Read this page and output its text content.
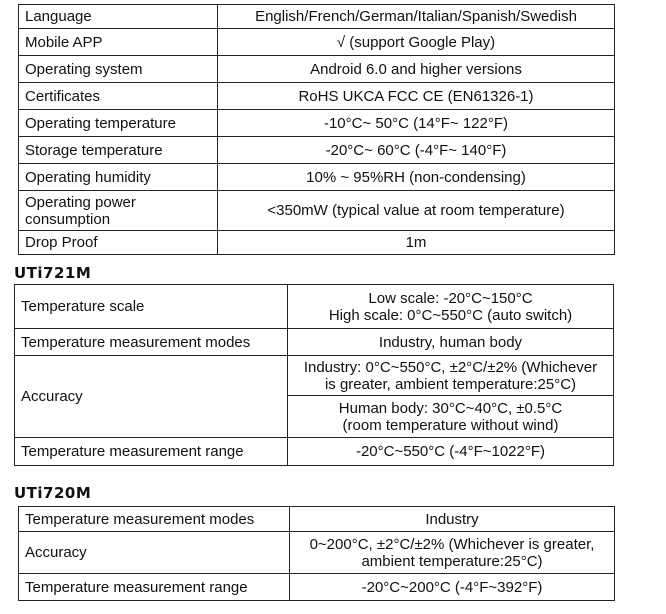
Language	English/French/German/Italian/Spanish/Swedish
Mobile APP	√ (support Google Play)
Operating system	Android 6.0 and higher versions
Certificates	RoHS UKCA FCC CE (EN61326-1)
Operating temperature	-10°C~ 50°C (14°F~ 122°F)
Storage temperature	-20°C~ 60°C (-4°F~ 140°F)
Operating humidity	10% ~ 95%RH (non-condensing)

Operating power
consumption	<350mW (typical value at room temperature)
Drop Proof	1m
UTi721M
Temperature scale	Low scale: -20°C~150°C
High scale: 0°C~550°C (auto switch)

Temperature measurement modes	Industry, human body
Accuracy	Industry: 0°C~550°C, ±2°C/±2% (Whichever
is greater, ambient temperature:25°C)

	Human body: 30°C~40°C, ±0.5°C
(room temperature without wind)

Temperature measurement range	-20°C~550°C (-4°F~1022°F)
UTi720M
Temperature measurement modes	Industry
Accuracy	0~200°C, ±2°C/±2% (Whichever is greater,
ambient temperature:25°C)

Temperature measurement range	-20°C~200°C (-4°F~392°F)
